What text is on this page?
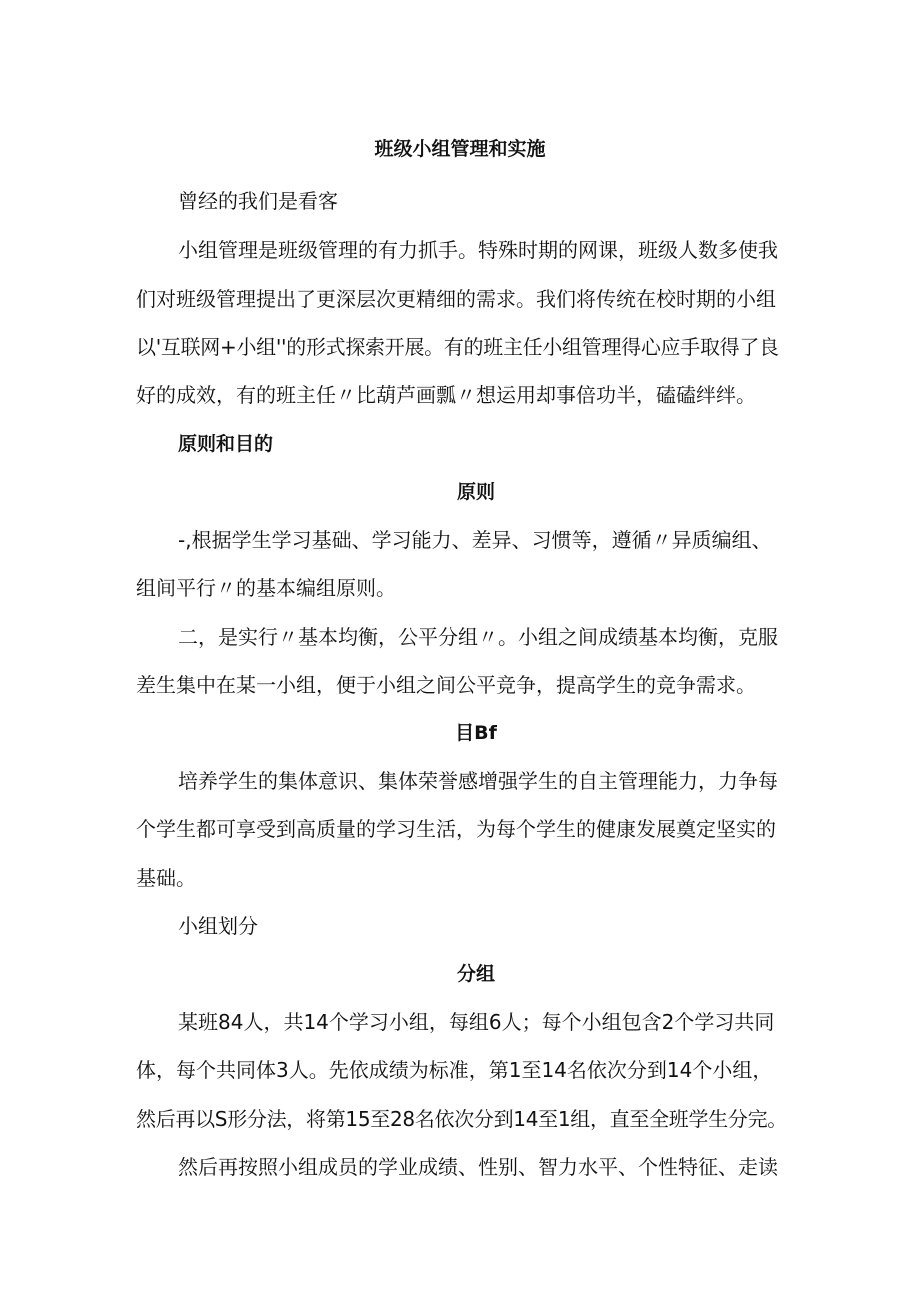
班级小组管理和实施
曾经的我们是看客
小组管理是班级管理的有力抓手。特殊时期的网课，班级人数多使我
们对班级管理提出了更深层次更精细的需求。我们将传统在校时期的小组
以'互联网+小组''的形式探索开展。有的班主任小组管理得心应手取得了良
好的成效，有的班主任〃比葫芦画瓢〃想运用却事倍功半，磕磕绊绊。
原则和目的
原则
-,根据学生学习基础、学习能力、差异、习惯等，遵循〃异质编组、
组间平行〃的基本编组原则。
二，是实行〃基本均衡，公平分组〃。小组之间成绩基本均衡，克服
差生集中在某一小组，便于小组之间公平竞争，提高学生的竞争需求。
目Bf
培养学生的集体意识、集体荣誉感增强学生的自主管理能力，力争每
个学生都可享受到高质量的学习生活，为每个学生的健康发展奠定坚实的
基础。
小组划分
分组
某班84人，共14个学习小组，每组6人；每个小组包含2个学习共同
体，每个共同体3人。先依成绩为标准，第1至14名依次分到14个小组，
然后再以S形分法，将第15至28名依次分到14至1组，直至全班学生分完。
然后再按照小组成员的学业成绩、性别、智力水平、个性特征、走读
